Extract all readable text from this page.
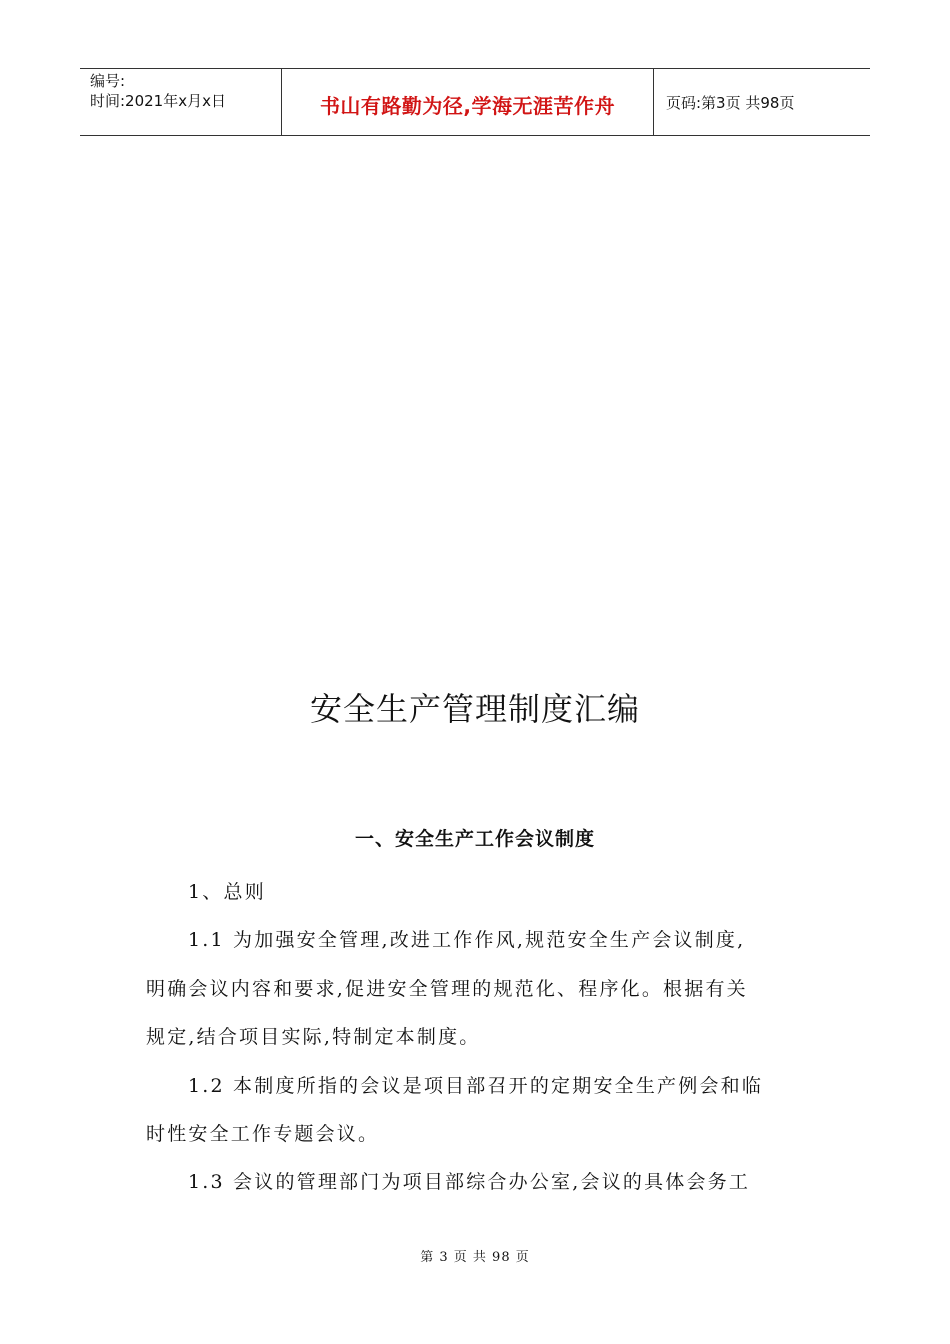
编号:
时间:2021年x月x日	书山有路勤为径,学海无涯苦作舟	页码:第3页 共98页
安全生产管理制度汇编
一、安全生产工作会议制度

1、总则

1.1 为加强安全管理,改进工作作风,规范安全生产会议制度,

明确会议内容和要求,促进安全管理的规范化、程序化。根据有关

规定,结合项目实际,特制定本制度。

1.2 本制度所指的会议是项目部召开的定期安全生产例会和临

时性安全工作专题会议。

1.3 会议的管理部门为项目部综合办公室,会议的具体会务工

第 3 页 共 98 页
